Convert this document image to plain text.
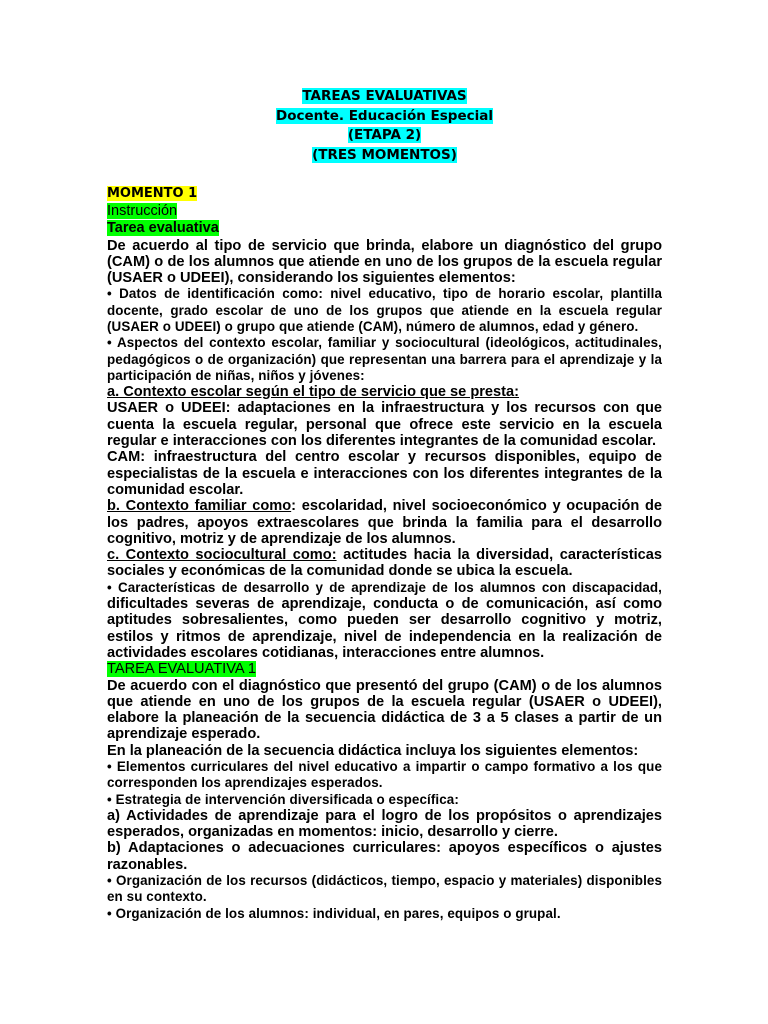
TAREAS EVALUATIVAS
Docente. Educación Especial
(ETAPA 2)
(TRES MOMENTOS)
MOMENTO 1
Instrucción
Tarea evaluativa

De acuerdo al tipo de servicio que brinda, elabore un diagnóstico del grupo (CAM) o de los alumnos que atiende en uno de los grupos de la escuela regular (USAER o UDEEI), considerando los siguientes elementos:

• Datos de identificación como: nivel educativo, tipo de horario escolar, plantilla docente, grado escolar de uno de los grupos que atiende en la escuela regular (USAER o UDEEI) o grupo que atiende (CAM), número de alumnos, edad y género.

• Aspectos del contexto escolar, familiar y sociocultural (ideológicos, actitudinales, pedagógicos o de organización) que representan una barrera para el aprendizaje y la participación de niñas, niños y jóvenes:

a. Contexto escolar según el tipo de servicio que se presta:

USAER o UDEEI: adaptaciones en la infraestructura y los recursos con que cuenta la escuela regular, personal que ofrece este servicio en la escuela regular e interacciones con los diferentes integrantes de la comunidad escolar.

CAM: infraestructura del centro escolar y recursos disponibles, equipo de especialistas de la escuela e interacciones con los diferentes integrantes de la comunidad escolar.

b. Contexto familiar como: escolaridad, nivel socioeconómico y ocupación de los padres, apoyos extraescolares que brinda la familia para el desarrollo cognitivo, motriz y de aprendizaje de los alumnos.

c. Contexto sociocultural como: actitudes hacia la diversidad, características sociales y económicas de la comunidad donde se ubica la escuela.

• Características de desarrollo y de aprendizaje de los alumnos con discapacidad, dificultades severas de aprendizaje, conducta o de comunicación, así como aptitudes sobresalientes, como pueden ser desarrollo cognitivo y motriz, estilos y ritmos de aprendizaje, nivel de independencia en la realización de actividades escolares cotidianas, interacciones entre alumnos.

TAREA EVALUATIVA 1

De acuerdo con el diagnóstico que presentó del grupo (CAM) o de los alumnos que atiende en uno de los grupos de la escuela regular (USAER o UDEEI), elabore la planeación de la secuencia didáctica de 3 a 5 clases a partir de un aprendizaje esperado.

En la planeación de la secuencia didáctica incluya los siguientes elementos:

• Elementos curriculares del nivel educativo a impartir o campo formativo a los que corresponden los aprendizajes esperados.

• Estrategia de intervención diversificada o específica:

a) Actividades de aprendizaje para el logro de los propósitos o aprendizajes esperados, organizadas en momentos: inicio, desarrollo y cierre.

b) Adaptaciones o adecuaciones curriculares: apoyos específicos o ajustes razonables.

• Organización de los recursos (didácticos, tiempo, espacio y materiales) disponibles en su contexto.

• Organización de los alumnos: individual, en pares, equipos o grupal.
